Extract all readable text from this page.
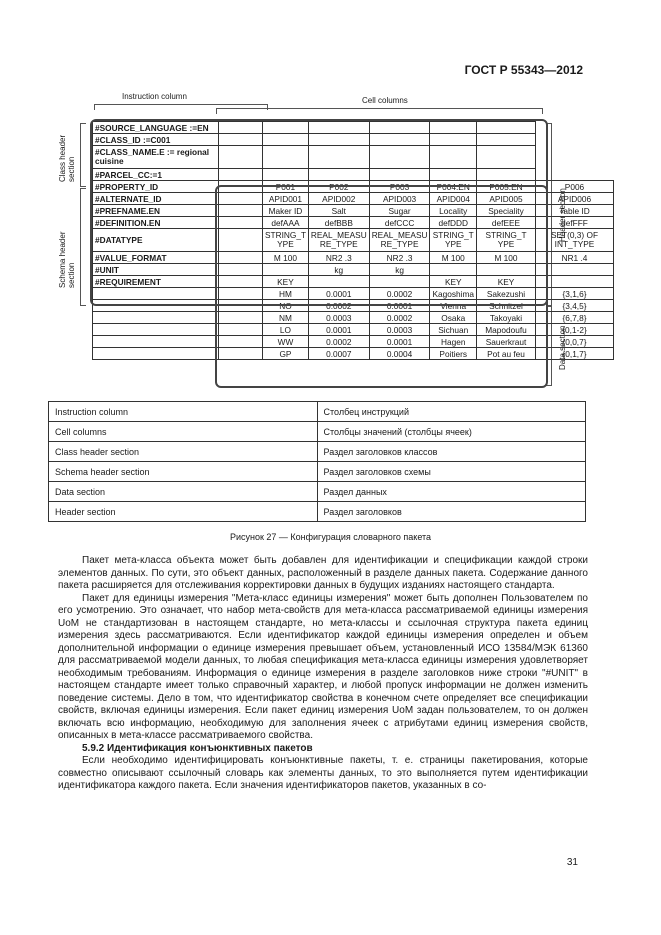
ГОСТ Р 55343—2012
Instruction column	Cell columns
Class header section
Schema header section
Header section
Data section
#SOURCE_LANGUAGE :=EN							
#CLASS_ID :=C001							
#CLASS_NAME.E := regional cuisine							
#PARCEL_CC:=1							
#PROPERTY_ID		P001	P002	P003	P004.EN	P005.EN	P006
#ALTERNATE_ID		APID001	APID002	APID003	APID004	APID005	APID006
#PREFNAME.EN		Maker ID	Salt	Sugar	Locality	Speciality	Table ID
#DEFINITION.EN		defAAA	defBBB	defCCC	defDDD	defEEE	defFFF
#DATATYPE		STRING_T YPE	REAL_MEASU RE_TYPE	REAL_MEASU RE_TYPE	STRING_T YPE	STRING_T YPE	SET(0,3) OF INT_TYPE
#VALUE_FORMAT		M 100	NR2 .3	NR2 .3	M 100	M 100	NR1 .4
#UNIT			kg	kg			
#REQUIREMENT		KEY			KEY	KEY	
		HM	0.0001	0.0002	Kagoshima	Sakezushi	{3,1,6}
		NO	0.0002	0.0001	Vienna	Schnitzel	{3,4,5}
		NM	0.0003	0.0002	Osaka	Takoyaki	{6,7,8}
		LO	0.0001	0.0003	Sichuan	Mapodoufu	{0,1-2}
		WW	0.0002	0.0001	Hagen	Sauerkraut	{0,0,7}
		GP	0.0007	0.0004	Poitiers	Pot au feu	{0,1,7}
Instruction column	Столбец инструкций
Cell columns	Столбцы значений (столбцы ячеек)
Class header section	Раздел заголовков классов
Schema header section	Раздел заголовков схемы
Data section	Раздел данных
Header section	Раздел заголовков
Рисунок 27 — Конфигурация словарного пакета

Пакет мета-класса объекта может быть добавлен для идентификации и спецификации каждой строки элементов данных. По сути, это объект данных, расположенный в разделе данных пакета. Содержание данного пакета расширяется для отслеживания корректировки данных в будущих изданиях настоящего стандарта.

Пакет для единицы измерения "Мета-класс единицы измерения" может быть дополнен Пользователем по его усмотрению. Это означает, что набор мета-свойств для мета-класса рассматриваемой единицы измерения UoM не стандартизован в настоящем стандарте, но мета-классы и ссылочная структура пакета единиц измерения здесь рассматриваются. Если идентификатор каждой единицы измерения определен и объем дополнительной информации о единице измерения превышает объем, установленный ИСО 13584/МЭК 61360 для рассматриваемой модели данных, то любая спецификация мета-класса единицы измерения удовлетворяет необходимым требованиям. Информация о единице измерения в разделе заголовков ниже строки "#UNIT" в настоящем стандарте имеет только справочный характер, и любой пропуск информации не должен изменить поведение системы. Дело в том, что идентификатор свойства в конечном счете определяет все спецификации свойств, включая единицы измерения. Если пакет единиц измерения UoM задан пользователем, то он должен включать всю информацию, необходимую для заполнения ячеек с атрибутами единиц измерения свойств, описанных в мета-классе рассматриваемого свойства.

5.9.2 Идентификация конъюнктивных пакетов

Если необходимо идентифицировать конъюнктивные пакеты, т. е. страницы пакетирования, которые совместно описывают ссылочный словарь как элементы данных, то это выполняется путем идентификации идентификатора каждого пакета. Если значения идентификаторов пакетов, указанных в со-

31
